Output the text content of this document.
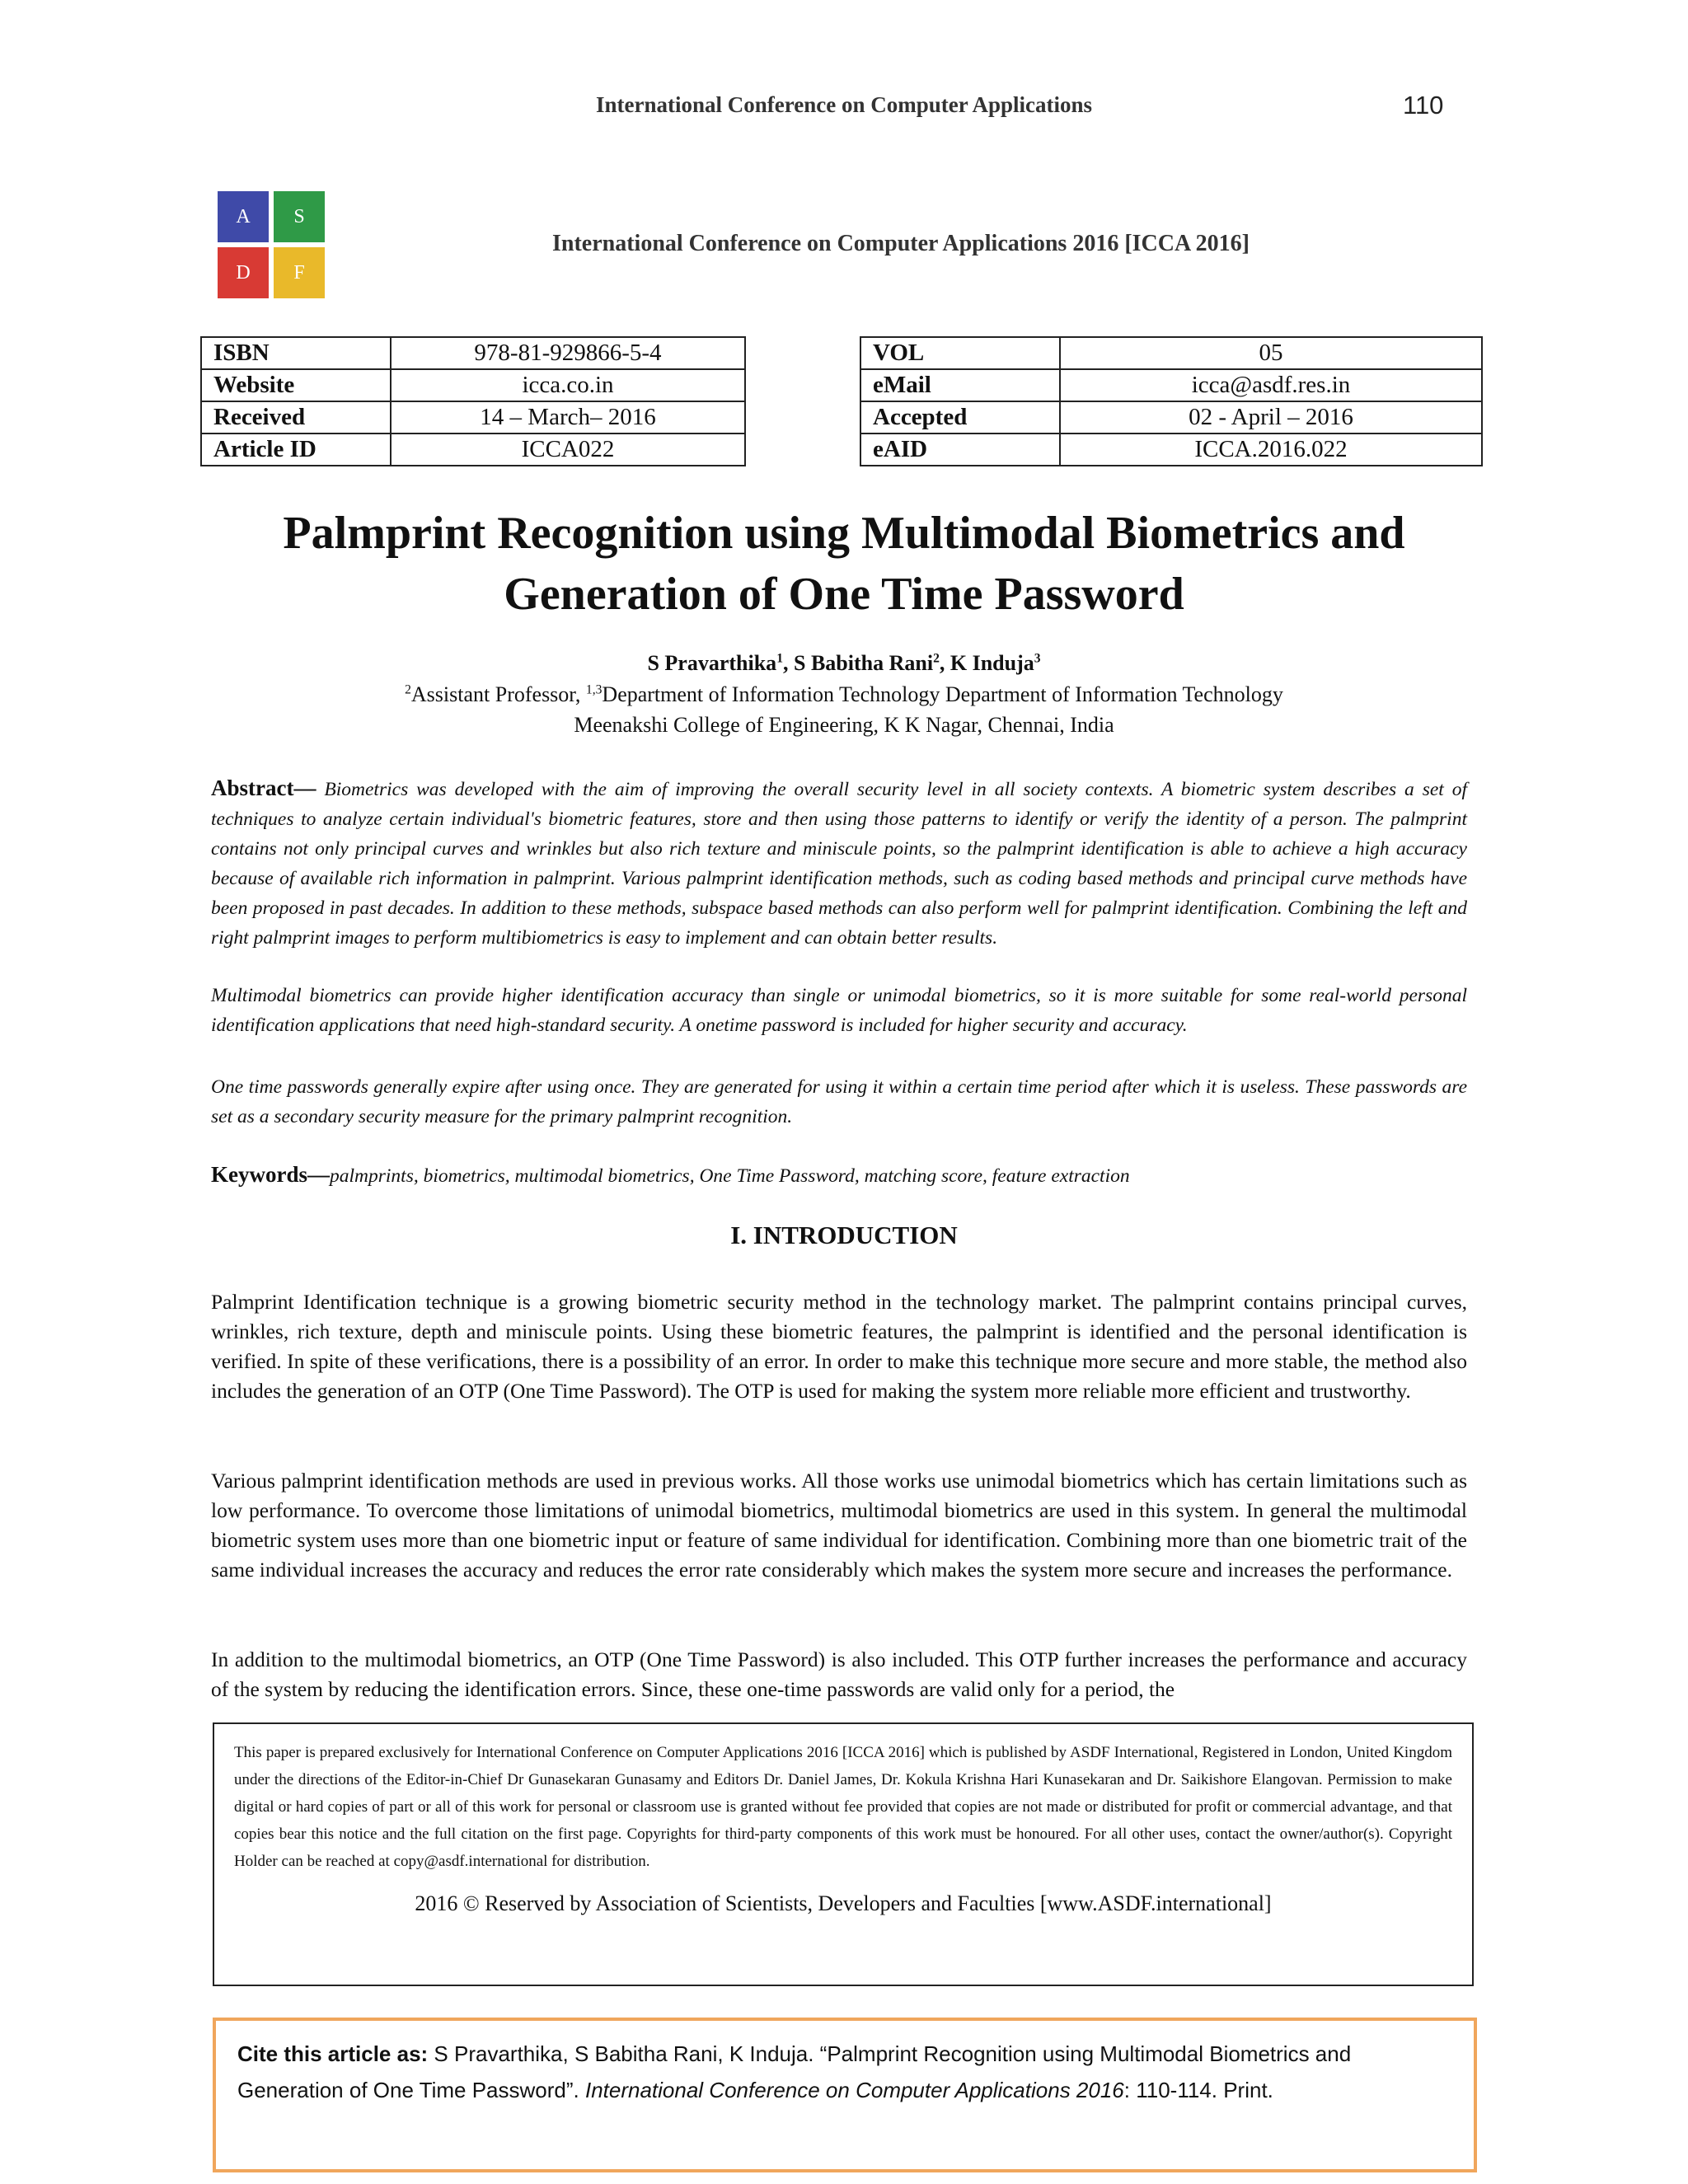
International Conference on Computer Applications	110
A	S
D	F
International Conference on Computer Applications 2016 [ICCA 2016]
ISBN	978-81-929866-5-4
Website	icca.co.in
Received	14 – March– 2016
Article ID	ICCA022
VOL	05
eMail	icca@asdf.res.in
Accepted	02 - April – 2016
eAID	ICCA.2016.022
Palmprint Recognition using Multimodal Biometrics and
Generation of One Time Password
S Pravarthika$^1$, S Babitha Rani$^2$, K Induja$^3$
$^2$Assistant Professor, $^{1,3}$Department of Information Technology Department of Information Technology
Meenakshi College of Engineering, K K Nagar, Chennai, India
Abstract— Biometrics was developed with the aim of improving the overall security level in all society contexts. A biometric system describes a set of techniques to analyze certain individual's biometric features, store and then using those patterns to identify or verify the identity of a person. The palmprint contains not only principal curves and wrinkles but also rich texture and miniscule points, so the palmprint identification is able to achieve a high accuracy because of available rich information in palmprint. Various palmprint identification methods, such as coding based methods and principal curve methods have been proposed in past decades. In addition to these methods, subspace based methods can also perform well for palmprint identification. Combining the left and right palmprint images to perform multibiometrics is easy to implement and can obtain better results.
Multimodal biometrics can provide higher identification accuracy than single or unimodal biometrics, so it is more suitable for some real-world personal identification applications that need high-standard security. A onetime password is included for higher security and accuracy.
One time passwords generally expire after using once. They are generated for using it within a certain time period after which it is useless. These passwords are set as a secondary security measure for the primary palmprint recognition.
Keywords—palmprints, biometrics, multimodal biometrics, One Time Password, matching score, feature extraction
I. INTRODUCTION
Palmprint Identification technique is a growing biometric security method in the technology market. The palmprint contains principal curves, wrinkles, rich texture, depth and miniscule points. Using these biometric features, the palmprint is identified and the personal identification is verified. In spite of these verifications, there is a possibility of an error. In order to make this technique more secure and more stable, the method also includes the generation of an OTP (One Time Password). The OTP is used for making the system more reliable more efficient and trustworthy.
Various palmprint identification methods are used in previous works. All those works use unimodal biometrics which has certain limitations such as low performance. To overcome those limitations of unimodal biometrics, multimodal biometrics are used in this system. In general the multimodal biometric system uses more than one biometric input or feature of same individual for identification. Combining more than one biometric trait of the same individual increases the accuracy and reduces the error rate considerably which makes the system more secure and increases the performance.
In addition to the multimodal biometrics, an OTP (One Time Password) is also included. This OTP further increases the performance and accuracy of the system by reducing the identification errors. Since, these one-time passwords are valid only for a period, the
This paper is prepared exclusively for International Conference on Computer Applications 2016 [ICCA 2016] which is published by ASDF International, Registered in London, United Kingdom under the directions of the Editor-in-Chief Dr Gunasekaran Gunasamy and Editors Dr. Daniel James, Dr. Kokula Krishna Hari Kunasekaran and Dr. Saikishore Elangovan. Permission to make digital or hard copies of part or all of this work for personal or classroom use is granted without fee provided that copies are not made or distributed for profit or commercial advantage, and that copies bear this notice and the full citation on the first page. Copyrights for third-party components of this work must be honoured. For all other uses, contact the owner/author(s). Copyright Holder can be reached at copy@asdf.international for distribution.
2016 © Reserved by Association of Scientists, Developers and Faculties [www.ASDF.international]
Cite this article as: S Pravarthika, S Babitha Rani, K Induja. “Palmprint Recognition using Multimodal Biometrics and Generation of One Time Password”. International Conference on Computer Applications 2016: 110-114. Print.
